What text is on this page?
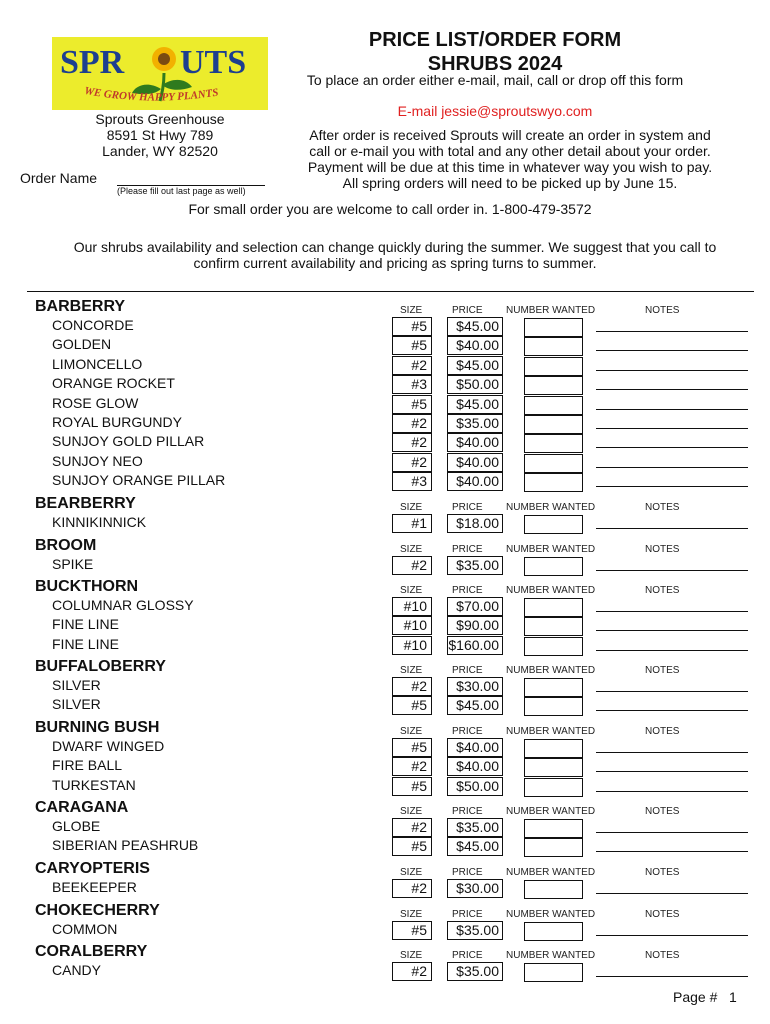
SPR UTS
WE GROW HAPPY PLANTS
Sprouts Greenhouse
8591 St Hwy 789
Lander, WY 82520
Order Name
(Please fill out last page as well)
PRICE LIST/ORDER FORM
SHRUBS 2024
To place an order either e-mail, mail, call or drop off this form
E-mail jessie@sproutswyo.com
After order is received Sprouts will create an order in system and
call or e-mail you with total and any other detail about your order.
Payment will be due at this time in whatever way you wish to pay.
All spring orders will need to be picked up by June 15.
For small order you are welcome to call order in. 1-800-479-3572
Our shrubs availability and selection can change quickly during the summer. We suggest that you call to
confirm current availability and pricing as spring turns to summer.
BARBERRY	SIZE	PRICE NUMBER WANTED	NOTES
CONCORDE	#5	$45.00
GOLDEN	#5	$40.00
LIMONCELLO	#2	$45.00
ORANGE ROCKET	#3	$50.00
ROSE GLOW	#5	$45.00
ROYAL BURGUNDY	#2	$35.00
SUNJOY GOLD PILLAR	#2	$40.00
SUNJOY NEO	#2	$40.00
SUNJOY ORANGE PILLAR	#3	$40.00
BEARBERRY	SIZE	PRICE NUMBER WANTED	NOTES
KINNIKINNICK	#1	$18.00
BROOM	SIZE	PRICE NUMBER WANTED	NOTES
SPIKE	#2	$35.00
BUCKTHORN	SIZE	PRICE NUMBER WANTED	NOTES
COLUMNAR GLOSSY	#10	$70.00
FINE LINE	#10	$90.00
FINE LINE	#10	$160.00
BUFFALOBERRY	SIZE	PRICE NUMBER WANTED	NOTES
SILVER	#2	$30.00
SILVER	#5	$45.00
BURNING BUSH	SIZE	PRICE NUMBER WANTED	NOTES
DWARF WINGED	#5	$40.00
FIRE BALL	#2	$40.00
TURKESTAN	#5	$50.00
CARAGANA	SIZE	PRICE NUMBER WANTED	NOTES
GLOBE	#2	$35.00
SIBERIAN PEASHRUB	#5	$45.00
CARYOPTERIS	SIZE	PRICE NUMBER WANTED	NOTES
BEEKEEPER	#2	$30.00
CHOKECHERRY	SIZE	PRICE NUMBER WANTED	NOTES
COMMON	#5	$35.00
CORALBERRY	SIZE	PRICE NUMBER WANTED	NOTES
CANDY	#2	$35.00
Page # 1
